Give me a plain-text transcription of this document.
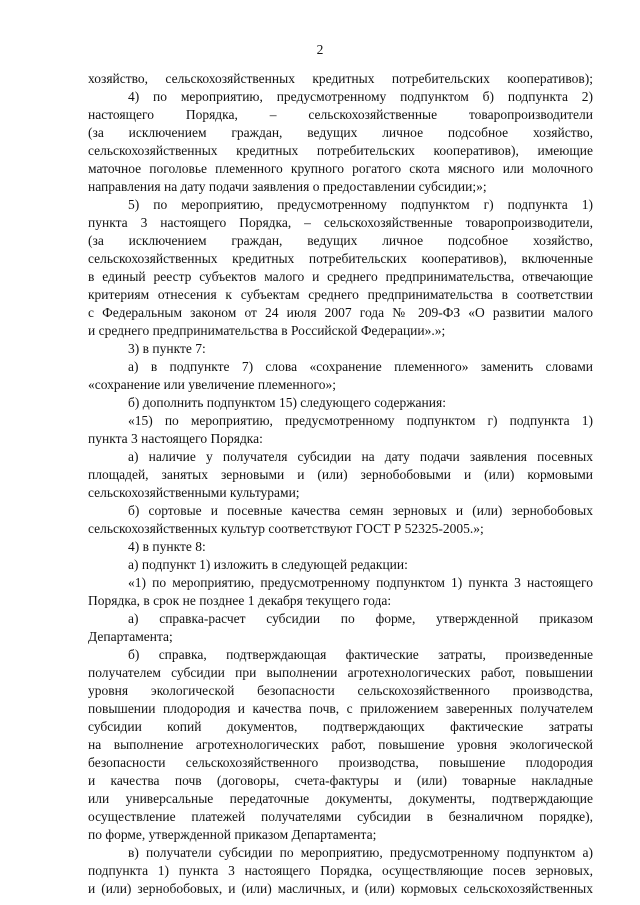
2
хозяйство, сельскохозяйственных кредитных потребительских кооперативов);
4) по мероприятию, предусмотренному подпунктом б) подпункта 2)
настоящего Порядка, – сельскохозяйственные товаропроизводители
(за исключением граждан, ведущих личное подсобное хозяйство,
сельскохозяйственных кредитных потребительских кооперативов), имеющие
маточное поголовье племенного крупного рогатого скота мясного или молочного
направления на дату подачи заявления о предоставлении субсидии;»;
5) по мероприятию, предусмотренному подпунктом г) подпункта 1)
пункта 3 настоящего Порядка, – сельскохозяйственные товаропроизводители,
(за исключением граждан, ведущих личное подсобное хозяйство,
сельскохозяйственных кредитных потребительских кооперативов), включенные
в единый реестр субъектов малого и среднего предпринимательства, отвечающие
критериям отнесения к субъектам среднего предпринимательства в соответствии
с Федеральным законом от 24 июля 2007 года № 209-ФЗ «О развитии малого
и среднего предпринимательства в Российской Федерации».»;
3) в пункте 7:
а) в подпункте 7) слова «сохранение племенного» заменить словами
«сохранение или увеличение племенного»;
б) дополнить подпунктом 15) следующего содержания:
«15) по мероприятию, предусмотренному подпунктом г) подпункта 1)
пункта 3 настоящего Порядка:
а) наличие у получателя субсидии на дату подачи заявления посевных
площадей, занятых зерновыми и (или) зернобобовыми и (или) кормовыми
сельскохозяйственными культурами;
б) сортовые и посевные качества семян зерновых и (или) зернобобовых
сельскохозяйственных культур соответствуют ГОСТ Р 52325-2005.»;
4) в пункте 8:
а) подпункт 1) изложить в следующей редакции:
«1) по мероприятию, предусмотренному подпунктом 1) пункта 3 настоящего
Порядка, в срок не позднее 1 декабря текущего года:
а) справка-расчет субсидии по форме, утвержденной приказом
Департамента;
б) справка, подтверждающая фактические затраты, произведенные
получателем субсидии при выполнении агротехнологических работ, повышении
уровня экологической безопасности сельскохозяйственного производства,
повышении плодородия и качества почв, с приложением заверенных получателем
субсидии копий документов, подтверждающих фактические затраты
на выполнение агротехнологических работ, повышение уровня экологической
безопасности сельскохозяйственного производства, повышение плодородия
и качества почв (договоры, счета-фактуры и (или) товарные накладные
или универсальные передаточные документы, документы, подтверждающие
осуществление платежей получателями субсидии в безналичном порядке),
по форме, утвержденной приказом Департамента;
в) получатели субсидии по мероприятию, предусмотренному подпунктом а)
подпункта 1) пункта 3 настоящего Порядка, осуществляющие посев зерновых,
и (или) зернобобовых, и (или) масличных, и (или) кормовых сельскохозяйственных
